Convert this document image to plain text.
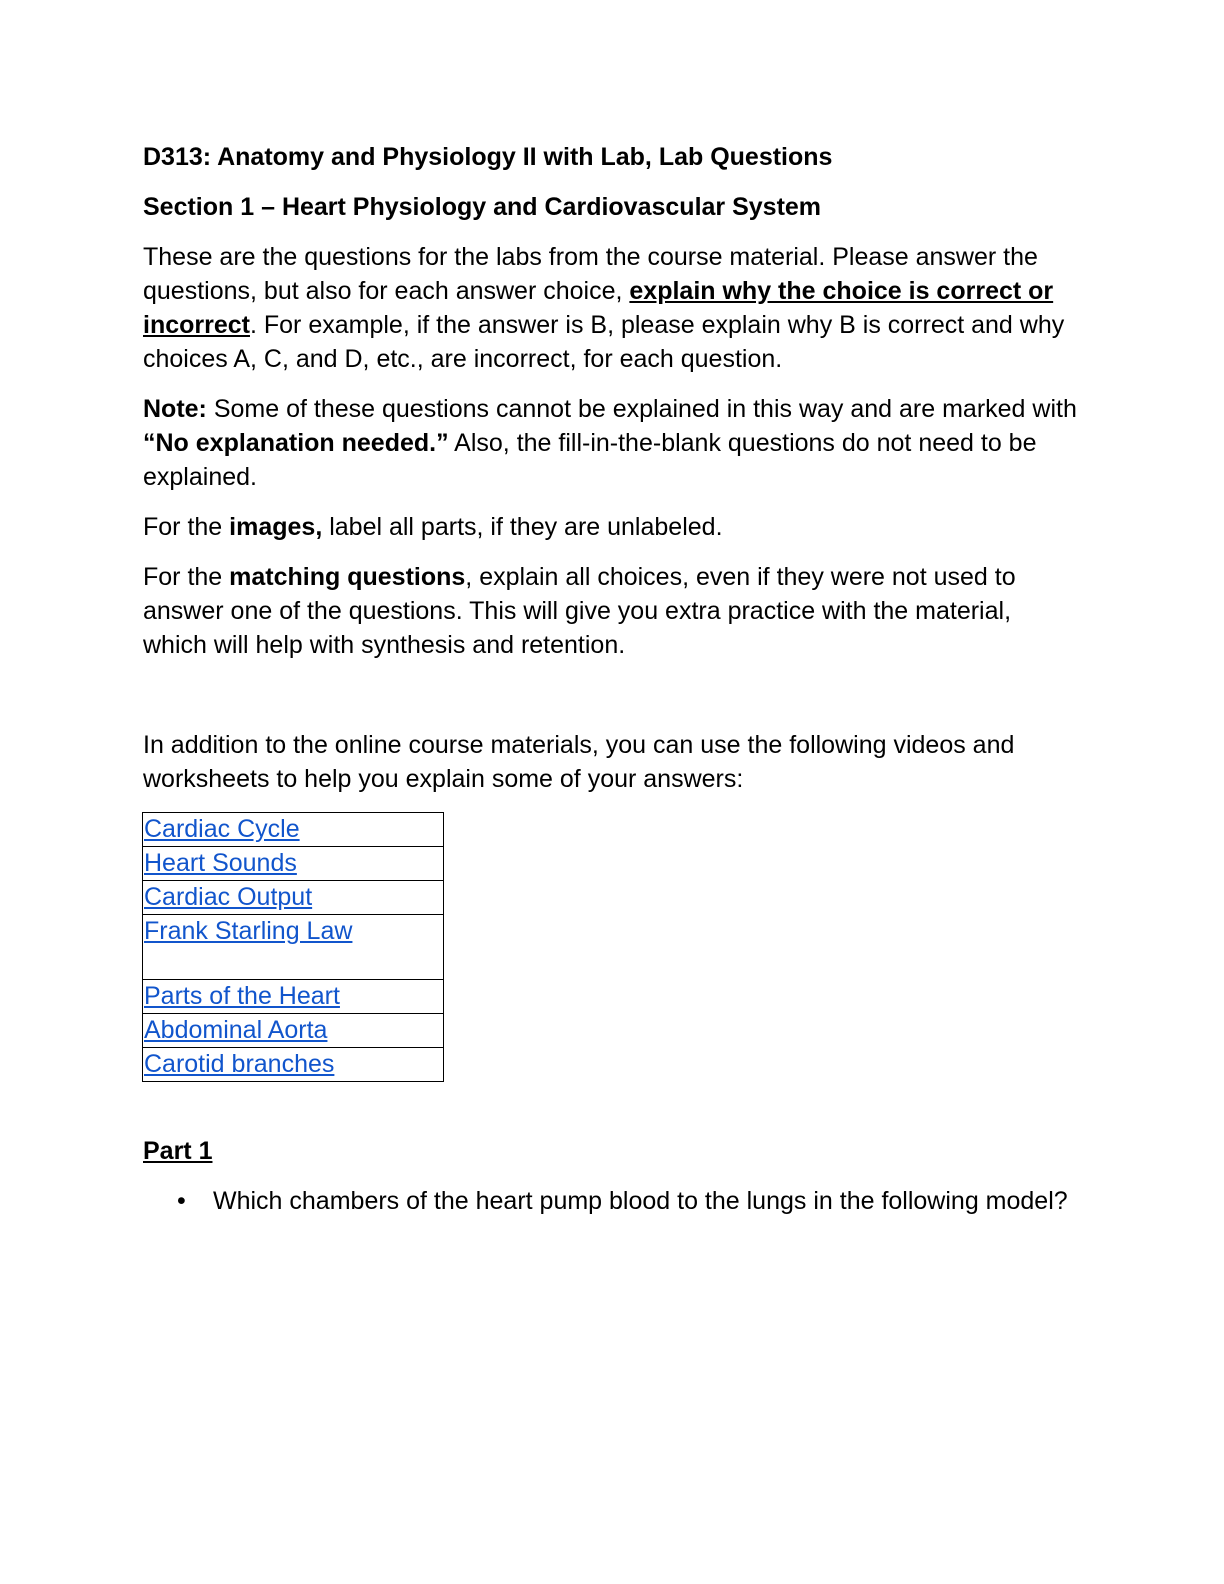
D313: Anatomy and Physiology II with Lab, Lab Questions
Section 1 – Heart Physiology and Cardiovascular System

These are the questions for the labs from the course material. Please answer the questions, but also for each answer choice, explain why the choice is correct or incorrect. For example, if the answer is B, please explain why B is correct and why choices A, C, and D, etc., are incorrect, for each question.

Note: Some of these questions cannot be explained in this way and are marked with “No explanation needed.” Also, the fill-in-the-blank questions do not need to be explained.

For the images, label all parts, if they are unlabeled.

For the matching questions, explain all choices, even if they were not used to answer one of the questions. This will give you extra practice with the material, which will help with synthesis and retention.

In addition to the online course materials, you can use the following videos and worksheets to help you explain some of your answers:

Cardiac Cycle
Heart Sounds
Cardiac Output
Frank Starling Law
Parts of the Heart
Abdominal Aorta
Carotid branches
Part 1
• Which chambers of the heart pump blood to the lungs in the following model?
